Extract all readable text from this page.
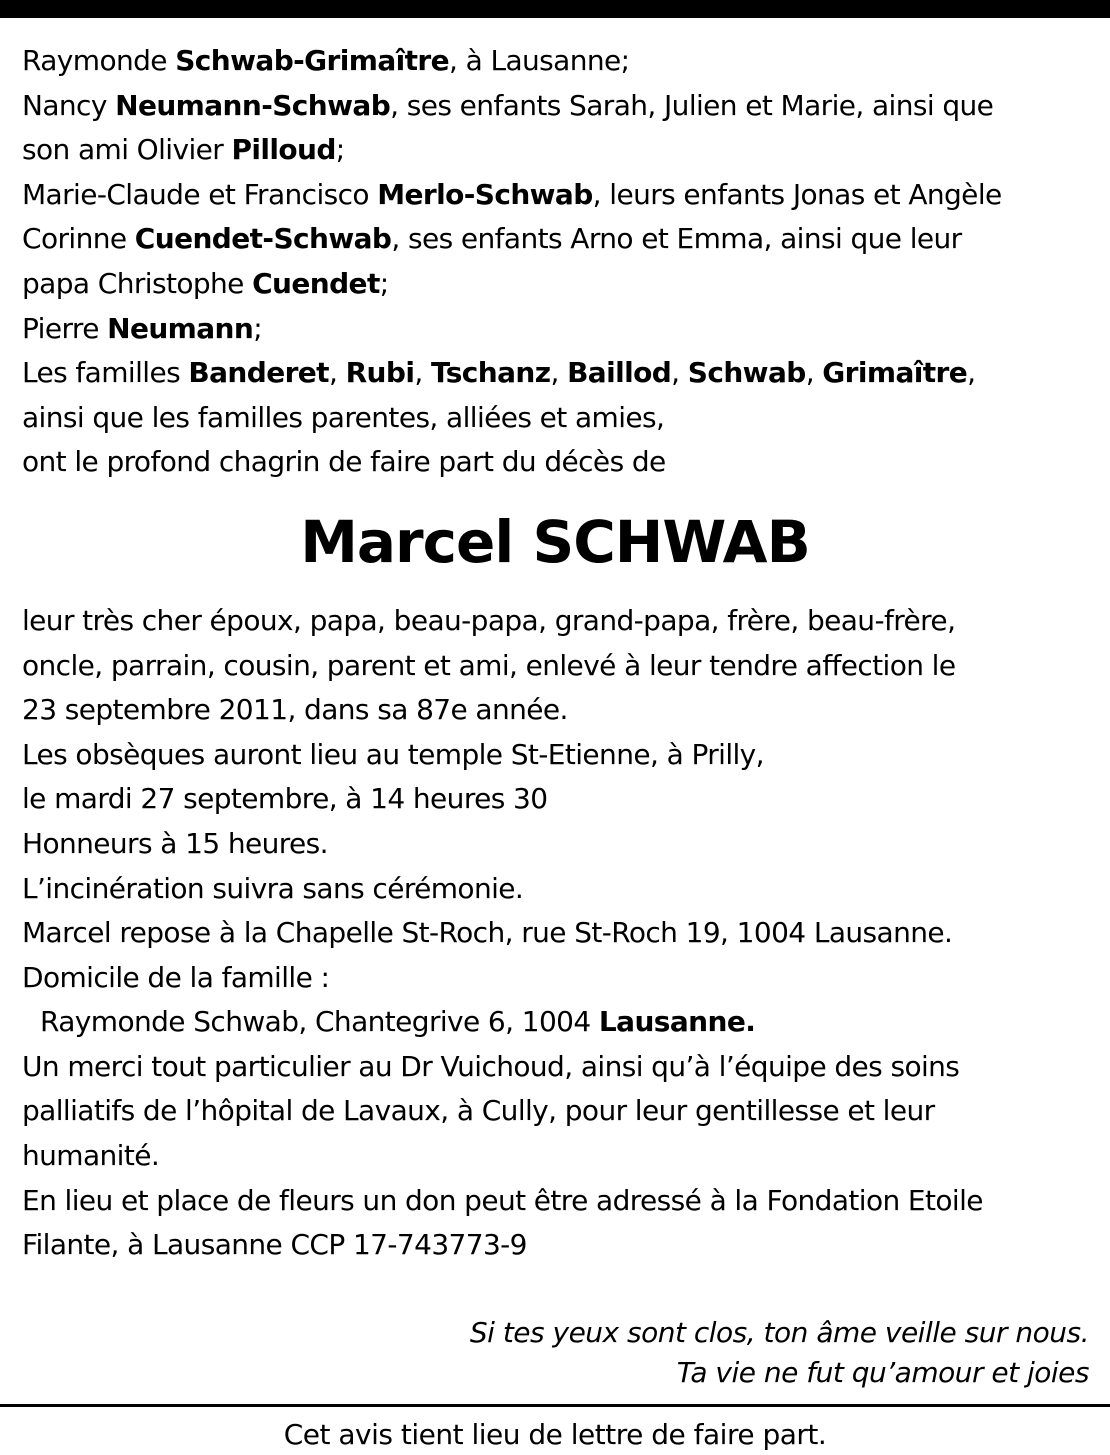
Raymonde Schwab-Grimaître, à Lausanne;
Nancy Neumann-Schwab, ses enfants Sarah, Julien et Marie, ainsi que
son ami Olivier Pilloud;
Marie-Claude et Francisco Merlo-Schwab, leurs enfants Jonas et Angèle
Corinne Cuendet-Schwab, ses enfants Arno et Emma, ainsi que leur
papa Christophe Cuendet;
Pierre Neumann;
Les familles Banderet, Rubi, Tschanz, Baillod, Schwab, Grimaître,
ainsi que les familles parentes, alliées et amies,
ont le profond chagrin de faire part du décès de
Marcel SCHWAB
leur très cher époux, papa, beau-papa, grand-papa, frère, beau-frère,
oncle, parrain, cousin, parent et ami, enlevé à leur tendre affection le
23 septembre 2011, dans sa 87e année.
Les obsèques auront lieu au temple St-Etienne, à Prilly,
le mardi 27 septembre, à 14 heures 30
Honneurs à 15 heures.
L’incinération suivra sans cérémonie.
Marcel repose à la Chapelle St-Roch, rue St-Roch 19, 1004 Lausanne.
Domicile de la famille :
Raymonde Schwab, Chantegrive 6, 1004 Lausanne.
Un merci tout particulier au Dr Vuichoud, ainsi qu’à l’équipe des soins
palliatifs de l’hôpital de Lavaux, à Cully, pour leur gentillesse et leur
humanité.
En lieu et place de fleurs un don peut être adressé à la Fondation Etoile
Filante, à Lausanne CCP 17-743773-9
Si tes yeux sont clos, ton âme veille sur nous.
Ta vie ne fut qu’amour et joies
Cet avis tient lieu de lettre de faire part.
